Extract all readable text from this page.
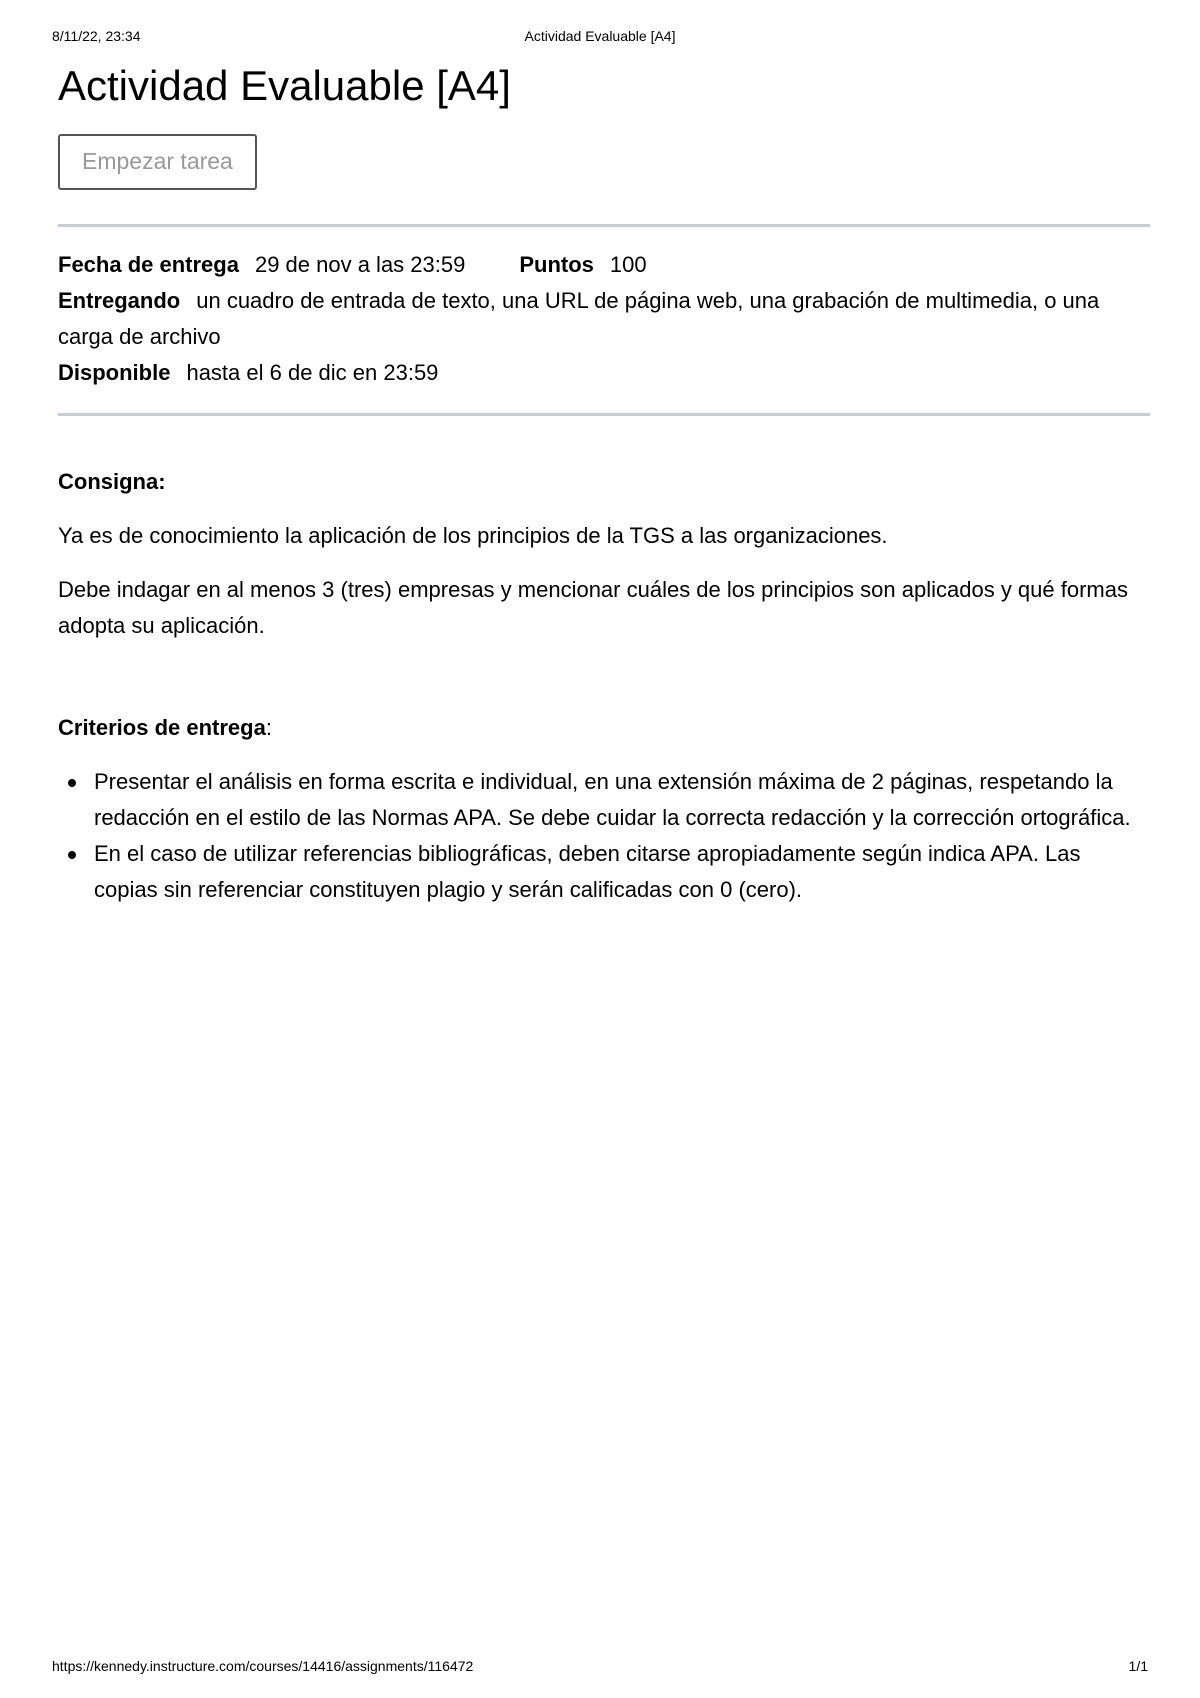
8/11/22, 23:34	Actividad Evaluable [A4]
Actividad Evaluable [A4]
Empezar tarea
Fecha de entrega 29 de nov a las 23:59 Puntos 100
Entregando un cuadro de entrada de texto, una URL de página web, una grabación de multimedia, o una carga de archivo
Disponible hasta el 6 de dic en 23:59

Consigna:

Ya es de conocimiento la aplicación de los principios de la TGS a las organizaciones.

Debe indagar en al menos 3 (tres) empresas y mencionar cuáles de los principios son aplicados y qué formas adopta su aplicación.

Criterios de entrega:

Presentar el análisis en forma escrita e individual, en una extensión máxima de 2 páginas, respetando la redacción en el estilo de las Normas APA. Se debe cuidar la correcta redacción y la corrección ortográfica.
En el caso de utilizar referencias bibliográficas, deben citarse apropiadamente según indica APA. Las copias sin referenciar constituyen plagio y serán calificadas con 0 (cero).
https://kennedy.instructure.com/courses/14416/assignments/116472	1/1
